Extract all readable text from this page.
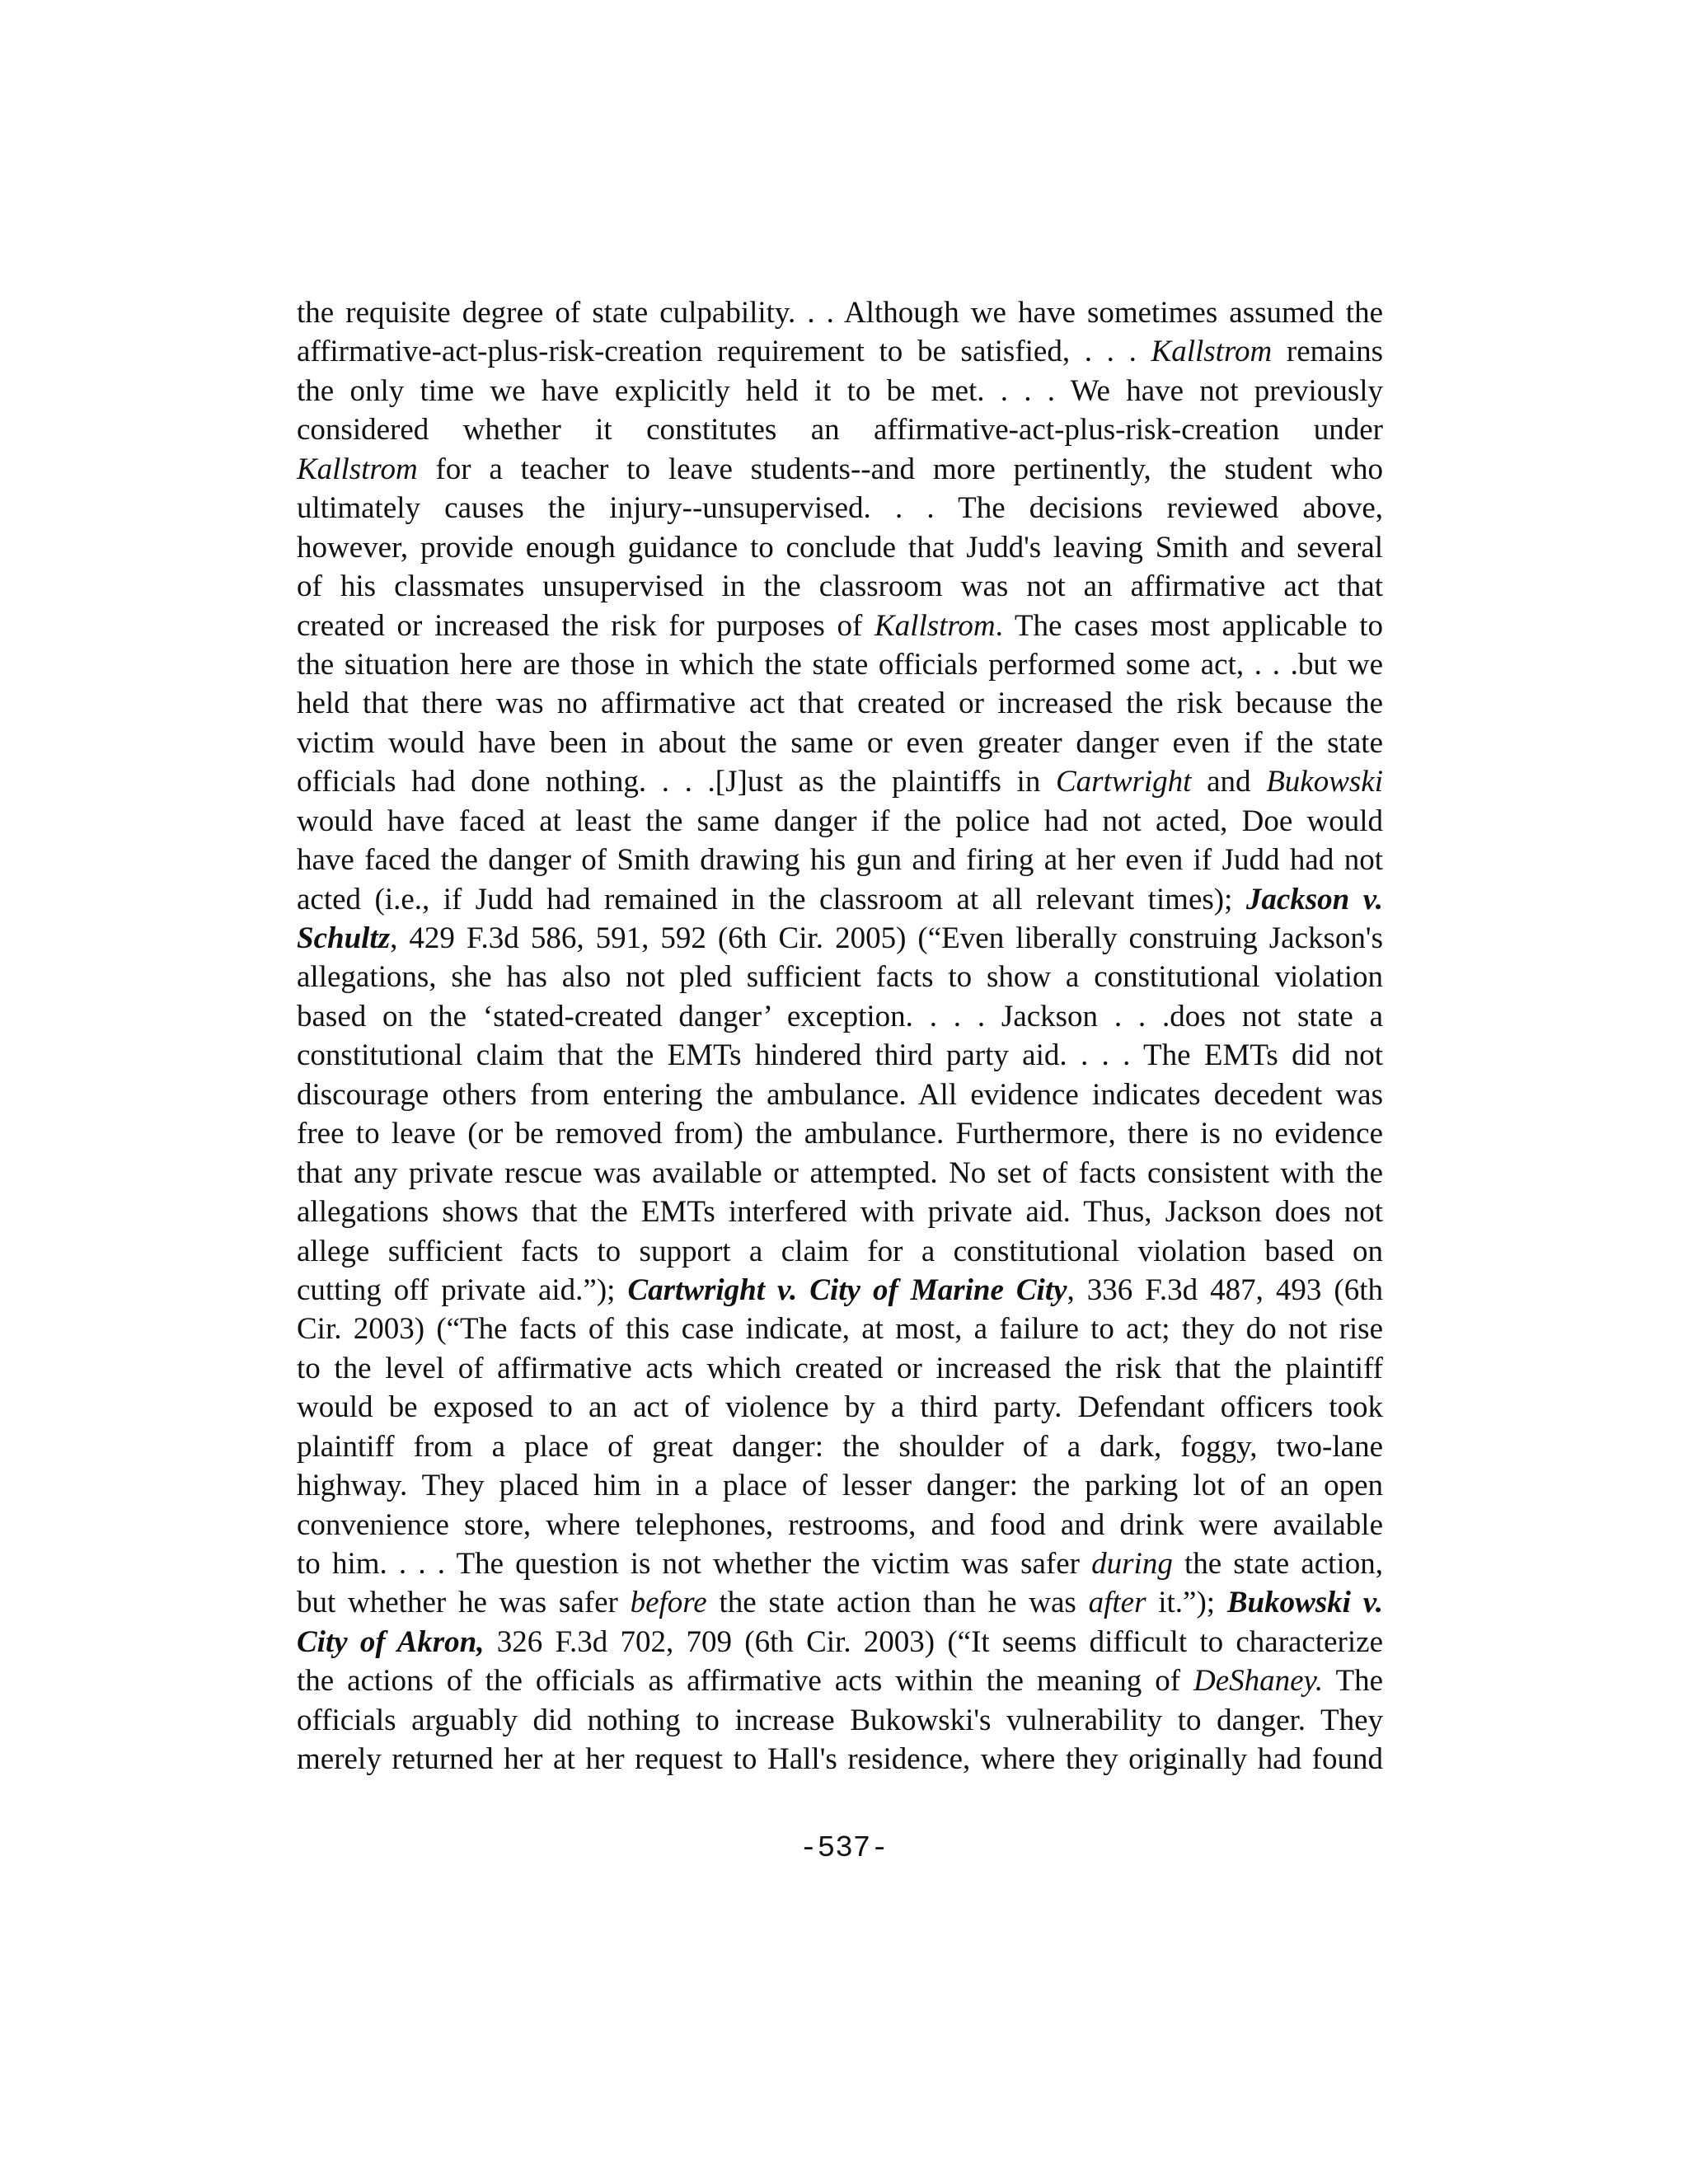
the requisite degree of state culpability. . . Although we have sometimes assumed the
affirmative-act-plus-risk-creation requirement to be satisfied, . . . Kallstrom remains
the only time we have explicitly held it to be met. . . . We have not previously
considered whether it constitutes an affirmative-act-plus-risk-creation under
Kallstrom for a teacher to leave students--and more pertinently, the student who
ultimately causes the injury--unsupervised. . . The decisions reviewed above,
however, provide enough guidance to conclude that Judd's leaving Smith and several
of his classmates unsupervised in the classroom was not an affirmative act that
created or increased the risk for purposes of Kallstrom. The cases most applicable to
the situation here are those in which the state officials performed some act, . . .but we
held that there was no affirmative act that created or increased the risk because the
victim would have been in about the same or even greater danger even if the state
officials had done nothing. . . .[J]ust as the plaintiffs in Cartwright and Bukowski
would have faced at least the same danger if the police had not acted, Doe would
have faced the danger of Smith drawing his gun and firing at her even if Judd had not
acted (i.e., if Judd had remained in the classroom at all relevant times); Jackson v.
Schultz, 429 F.3d 586, 591, 592 (6th Cir. 2005) (“Even liberally construing Jackson's
allegations, she has also not pled sufficient facts to show a constitutional violation
based on the ‘stated-created danger’ exception. . . . Jackson . . .does not state a
constitutional claim that the EMTs hindered third party aid. . . . The EMTs did not
discourage others from entering the ambulance. All evidence indicates decedent was
free to leave (or be removed from) the ambulance. Furthermore, there is no evidence
that any private rescue was available or attempted. No set of facts consistent with the
allegations shows that the EMTs interfered with private aid. Thus, Jackson does not
allege sufficient facts to support a claim for a constitutional violation based on
cutting off private aid.”); Cartwright v. City of Marine City, 336 F.3d 487, 493 (6th
Cir. 2003) (“The facts of this case indicate, at most, a failure to act; they do not rise
to the level of affirmative acts which created or increased the risk that the plaintiff
would be exposed to an act of violence by a third party. Defendant officers took
plaintiff from a place of great danger: the shoulder of a dark, foggy, two-lane
highway. They placed him in a place of lesser danger: the parking lot of an open
convenience store, where telephones, restrooms, and food and drink were available
to him. . . . The question is not whether the victim was safer during the state action,
but whether he was safer before the state action than he was after it.”); Bukowski v.
City of Akron, 326 F.3d 702, 709 (6th Cir. 2003) (“It seems difficult to characterize
the actions of the officials as affirmative acts within the meaning of DeShaney. The
officials arguably did nothing to increase Bukowski's vulnerability to danger. They
merely returned her at her request to Hall's residence, where they originally had found
-537-
